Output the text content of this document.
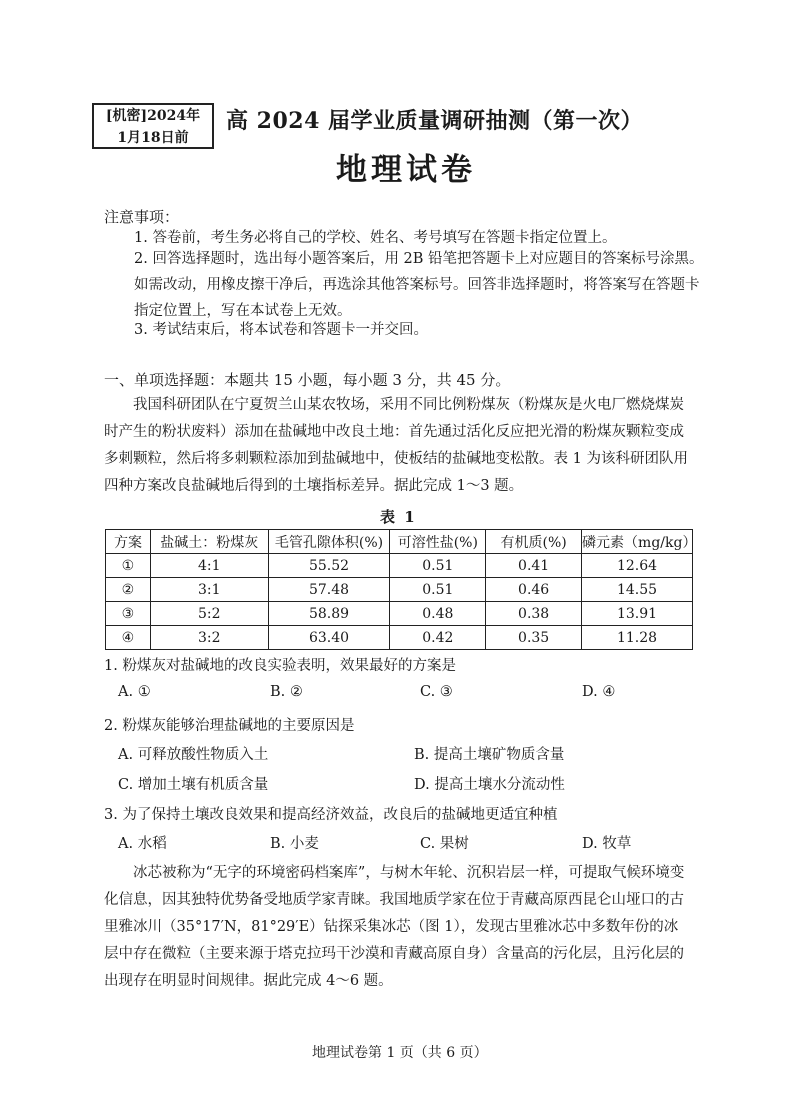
[机密]2024年
1月18日前
高 2024 届学业质量调研抽测（第一次）
地理试卷
注意事项：
1. 答卷前，考生务必将自己的学校、姓名、考号填写在答题卡指定位置上。
2. 回答选择题时，选出每小题答案后，用 2B 铅笔把答题卡上对应题目的答案标号涂黑。如需改动，用橡皮擦干净后，再选涂其他答案标号。回答非选择题时，将答案写在答题卡指定位置上，写在本试卷上无效。
3. 考试结束后，将本试卷和答题卡一并交回。
一、单项选择题：本题共 15 小题，每小题 3 分，共 45 分。
我国科研团队在宁夏贺兰山某农牧场，采用不同比例粉煤灰（粉煤灰是火电厂燃烧煤炭时产生的粉状废料）添加在盐碱地中改良土地：首先通过活化反应把光滑的粉煤灰颗粒变成多刺颗粒，然后将多刺颗粒添加到盐碱地中，使板结的盐碱地变松散。表 1 为该科研团队用四种方案改良盐碱地后得到的土壤指标差异。据此完成 1～3 题。
表 1
方案	盐碱土：粉煤灰	毛管孔隙体积(%)	可溶性盐(%)	有机质(%)	磷元素（mg/kg）
①	4:1	55.52	0.51	0.41	12.64
②	3:1	57.48	0.51	0.46	14.55
③	5:2	58.89	0.48	0.38	13.91
④	3:2	63.40	0.42	0.35	11.28
1. 粉煤灰对盐碱地的改良实验表明，效果最好的方案是
A. ①	B. ②	C. ③	D. ④
2. 粉煤灰能够治理盐碱地的主要原因是
A. 可释放酸性物质入土	B. 提高土壤矿物质含量
C. 增加土壤有机质含量	D. 提高土壤水分流动性
3. 为了保持土壤改良效果和提高经济效益，改良后的盐碱地更适宜种植
A. 水稻	B. 小麦	C. 果树	D. 牧草
冰芯被称为“无字的环境密码档案库”，与树木年轮、沉积岩层一样，可提取气候环境变化信息，因其独特优势备受地质学家青睐。我国地质学家在位于青藏高原西昆仑山垭口的古里雅冰川（35°17′N，81°29′E）钻探采集冰芯（图 1），发现古里雅冰芯中多数年份的冰层中存在微粒（主要来源于塔克拉玛干沙漠和青藏高原自身）含量高的污化层，且污化层的出现存在明显时间规律。据此完成 4～6 题。
地理试卷第 1 页（共 6 页）
